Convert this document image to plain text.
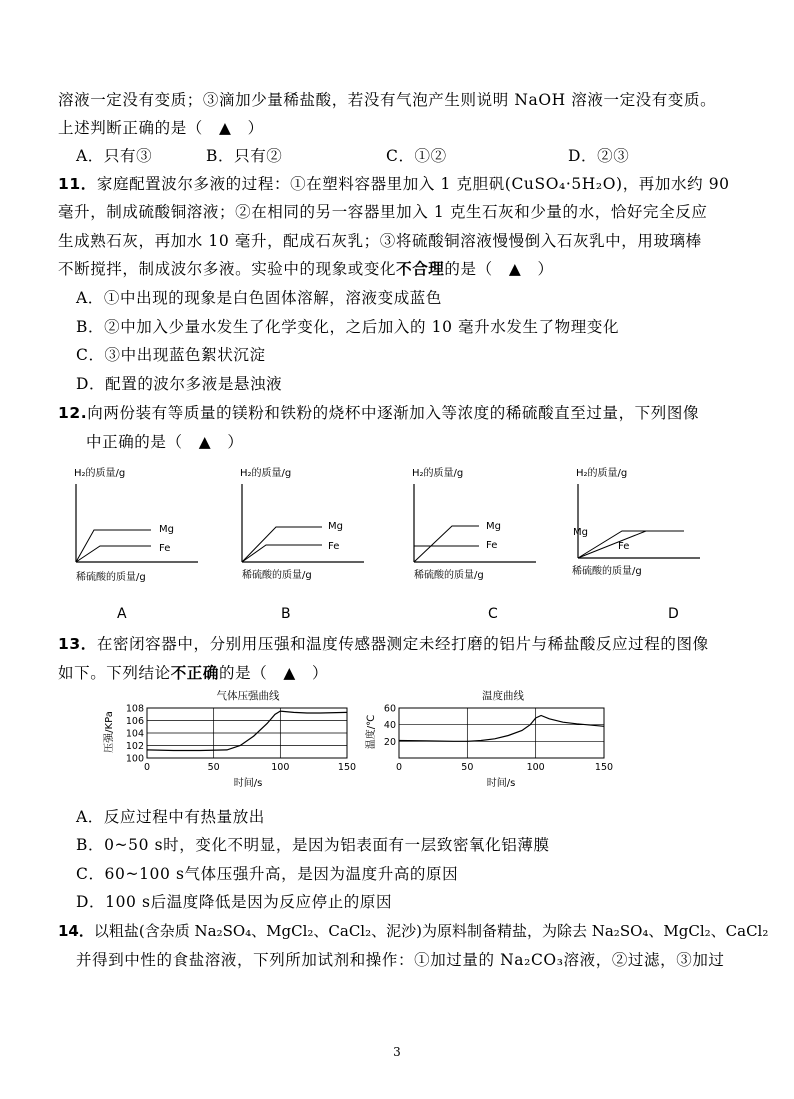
溶液一定没有变质；③滴加少量稀盐酸，若没有气泡产生则说明 NaOH 溶液一定没有变质。
上述判断正确的是（　▲　）
A．只有③	B．只有②	C．①②	D．②③
11．家庭配置波尔多液的过程：①在塑料容器里加入 1 克胆矾(CuSO₄·5H₂O)，再加水约 90
毫升，制成硫酸铜溶液；②在相同的另一容器里加入 1 克生石灰和少量的水，恰好完全反应
生成熟石灰，再加水 10 毫升，配成石灰乳；③将硫酸铜溶液慢慢倒入石灰乳中，用玻璃棒
不断搅拌，制成波尔多液。实验中的现象或变化不合理的是（　▲　）
A．①中出现的现象是白色固体溶解，溶液变成蓝色
B．②中加入少量水发生了化学变化，之后加入的 10 毫升水发生了物理变化
C．③中出现蓝色絮状沉淀
D．配置的波尔多液是悬浊液
12.向两份装有等质量的镁粉和铁粉的烧杯中逐渐加入等浓度的稀硫酸直至过量，下列图像
中正确的是（　▲　）
H₂的质量/g
Mg
Fe
稀硫酸的质量/g
H₂的质量/g
Mg
Fe
稀硫酸的质量/g
H₂的质量/g
Mg
Fe
稀硫酸的质量/g
H₂的质量/g
Mg
Fe
稀硫酸的质量/g
A	B	C	D
13．在密闭容器中，分别用压强和温度传感器测定未经打磨的铝片与稀盐酸反应过程的图像
如下。下列结论不正确的是（　▲　）
气体压强曲线
压强/KPa
时间/s
100
102
104
106
108
0	50	100	150
温度曲线
温度/℃
时间/s
20
40
60
0	50	100	150
A．反应过程中有热量放出
B．0~50 s时，变化不明显，是因为铝表面有一层致密氧化铝薄膜
C．60~100 s气体压强升高，是因为温度升高的原因
D．100 s后温度降低是因为反应停止的原因
14．以粗盐(含杂质 Na₂SO₄、MgCl₂、CaCl₂、泥沙)为原料制备精盐，为除去 Na₂SO₄、MgCl₂、CaCl₂
并得到中性的食盐溶液，下列所加试剂和操作：①加过量的 Na₂CO₃溶液，②过滤，③加过
3
